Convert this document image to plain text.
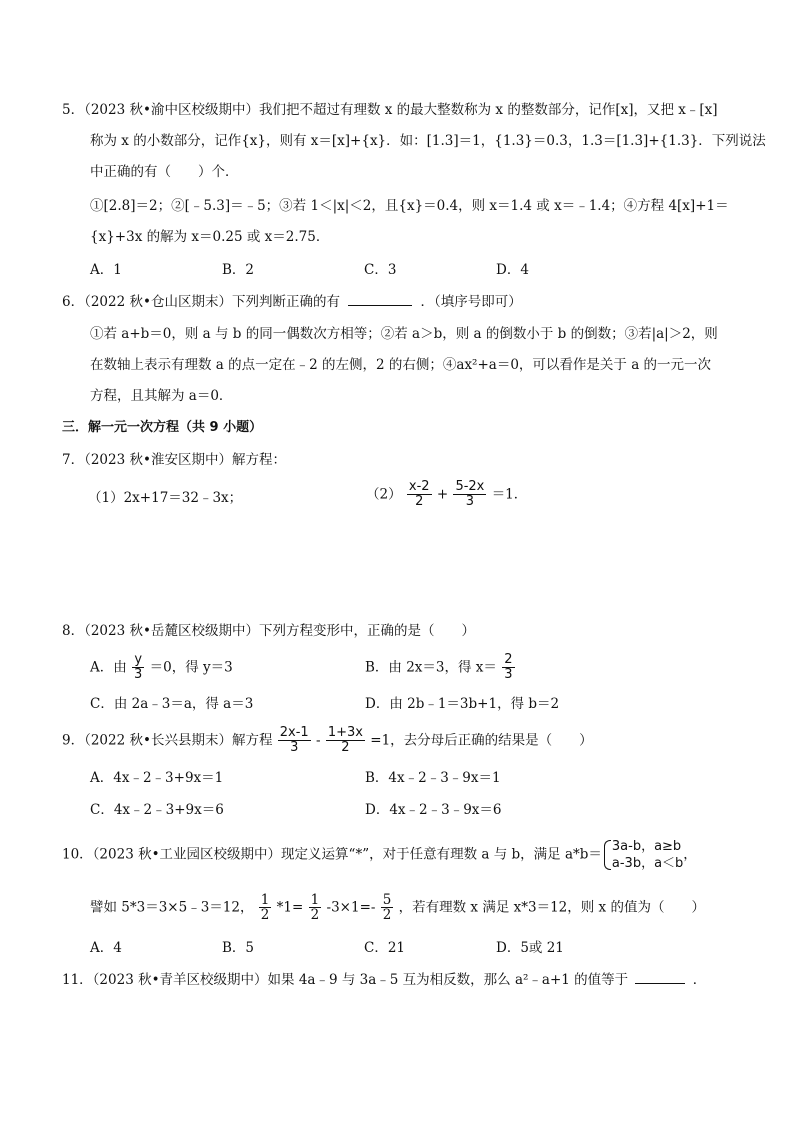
5．（2023 秋•渝中区校级期中）我们把不超过有理数 x 的最大整数称为 x 的整数部分，记作[x]，又把 x﹣[x]
称为 x 的小数部分，记作{x}，则有 x＝[x]+{x}．如：[1.3]＝1，{1.3}＝0.3，1.3＝[1.3]+{1.3}．下列说法
中正确的有（　　）个．
①[2.8]＝2；②[﹣5.3]＝﹣5；③若 1＜|x|＜2，且{x}＝0.4，则 x＝1.4 或 x＝﹣1.4；④方程 4[x]+1＝
{x}+3x 的解为 x＝0.25 或 x＝2.75．
A．1	B．2	C．3	D．4
6．（2022 秋•仓山区期末）下列判断正确的有	．（填序号即可）
①若 a+b＝0，则 a 与 b 的同一偶数次方相等；②若 a＞b，则 a 的倒数小于 b 的倒数；③若|a|＞2，则
在数轴上表示有理数 a 的点一定在﹣2 的左侧，2 的右侧；④ax²+a＝0，可以看作是关于 a 的一元一次
方程，且其解为 a＝0．
三．解一元一次方程（共 9 小题）
7．（2023 秋•淮安区期中）解方程：
（1）2x+17＝32﹣3x；	$(2) \frac{x-2}{2} + \frac{5-2x}{3} =1$．
8．（2023 秋•岳麓区校级期中）下列方程变形中，正确的是（　　）
A．由 $\frac{y}{3} =0$，得 y＝3	B．由 2x＝3，得 $x= \frac{2}{3}$
C．由 2a﹣3＝a，得 a＝3	D．由 2b﹣1＝3b+1，得 b＝2
9．（2022 秋•长兴县期末）解方程 $\frac{2x-1}{3} - \frac{1+3x}{2} =1$，去分母后正确的结果是（　　）
A．4x﹣2﹣3+9x＝1	B．4x﹣2﹣3﹣9x＝1
C．4x﹣2﹣3+9x＝6	D．4x﹣2﹣3﹣9x＝6
10．（2023 秋•工业园区校级期中）现定义运算“*”，对于任意有理数 a 与 b，满足 a*b＝ 3a-b，a≥b
a-3b，a＜b
，
譬如 5*3＝3×5﹣3＝12， $\frac{1}{2} *1= \frac{1}{2} -3\times 1=- \frac{5}{2}$ ，若有理数 x 满足 x*3＝12，则 x 的值为（　　）
A．4	B．5	C．21	D．5或 21
11．（2023 秋•青羊区校级期中）如果 4a﹣9 与 3a﹣5 互为相反数，那么 a²﹣a+1 的值等于	．
